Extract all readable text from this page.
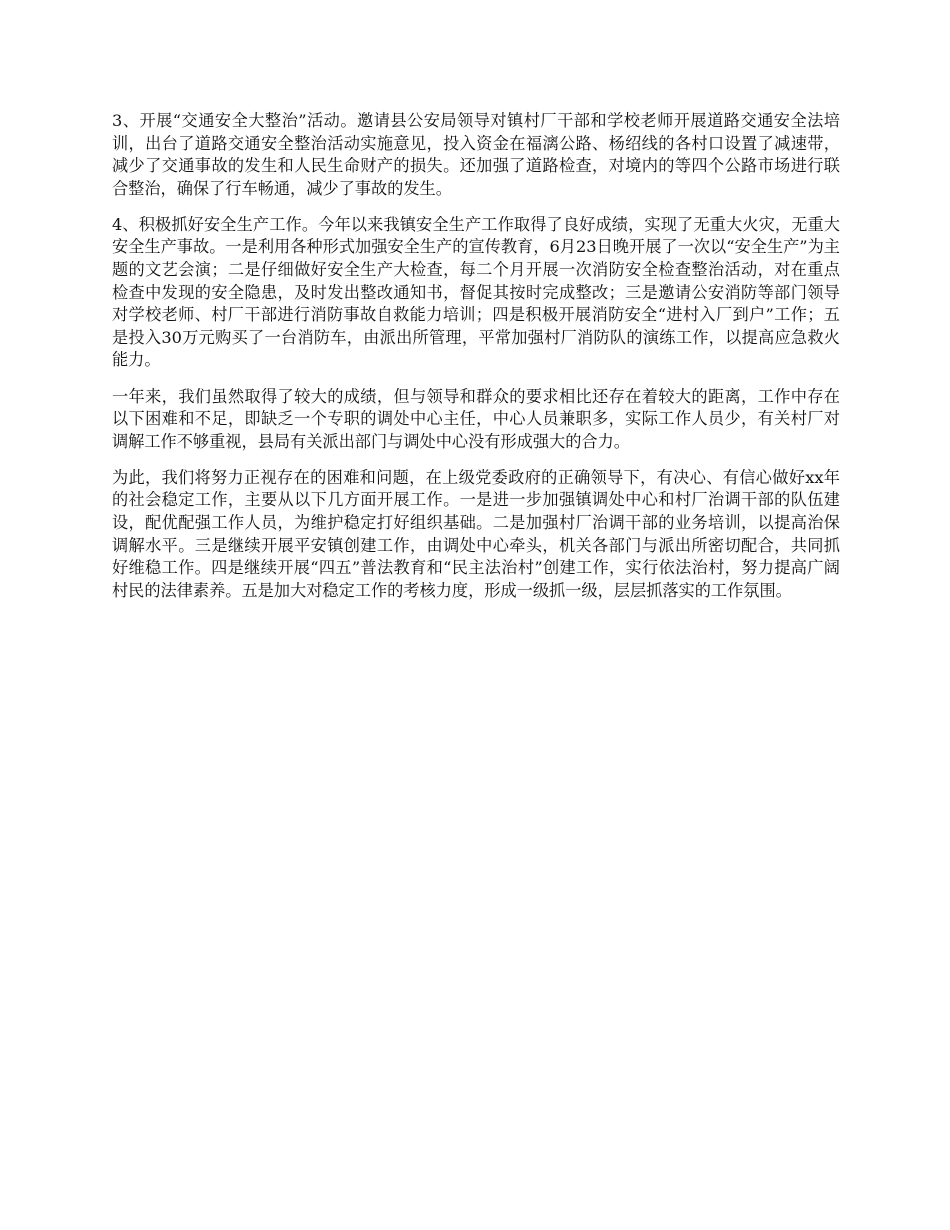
3、开展“交通安全大整治”活动。邀请县公安局领导对镇村厂干部和学校老师开展道路交通安全法培训，出台了道路交通安全整治活动实施意见，投入资金在福漓公路、杨绍线的各村口设置了减速带，减少了交通事故的发生和人民生命财产的损失。还加强了道路检查，对境内的等四个公路市场进行联合整治，确保了行车畅通，减少了事故的发生。

4、积极抓好安全生产工作。今年以来我镇安全生产工作取得了良好成绩，实现了无重大火灾，无重大安全生产事故。一是利用各种形式加强安全生产的宣传教育，6月23日晚开展了一次以“安全生产”为主题的文艺会演；二是仔细做好安全生产大检查，每二个月开展一次消防安全检查整治活动，对在重点检查中发现的安全隐患，及时发出整改通知书，督促其按时完成整改；三是邀请公安消防等部门领导对学校老师、村厂干部进行消防事故自救能力培训；四是积极开展消防安全“进村入厂到户”工作；五是投入30万元购买了一台消防车，由派出所管理，平常加强村厂消防队的演练工作，以提高应急救火能力。

一年来，我们虽然取得了较大的成绩，但与领导和群众的要求相比还存在着较大的距离，工作中存在以下困难和不足，即缺乏一个专职的调处中心主任，中心人员兼职多，实际工作人员少，有关村厂对调解工作不够重视，县局有关派出部门与调处中心没有形成强大的合力。

为此，我们将努力正视存在的困难和问题，在上级党委政府的正确领导下，有决心、有信心做好xx年的社会稳定工作，主要从以下几方面开展工作。一是进一步加强镇调处中心和村厂治调干部的队伍建设，配优配强工作人员，为维护稳定打好组织基础。二是加强村厂治调干部的业务培训，以提高治保调解水平。三是继续开展平安镇创建工作，由调处中心牵头，机关各部门与派出所密切配合，共同抓好维稳工作。四是继续开展“四五”普法教育和“民主法治村”创建工作，实行依法治村，努力提高广阔村民的法律素养。五是加大对稳定工作的考核力度，形成一级抓一级，层层抓落实的工作氛围。
